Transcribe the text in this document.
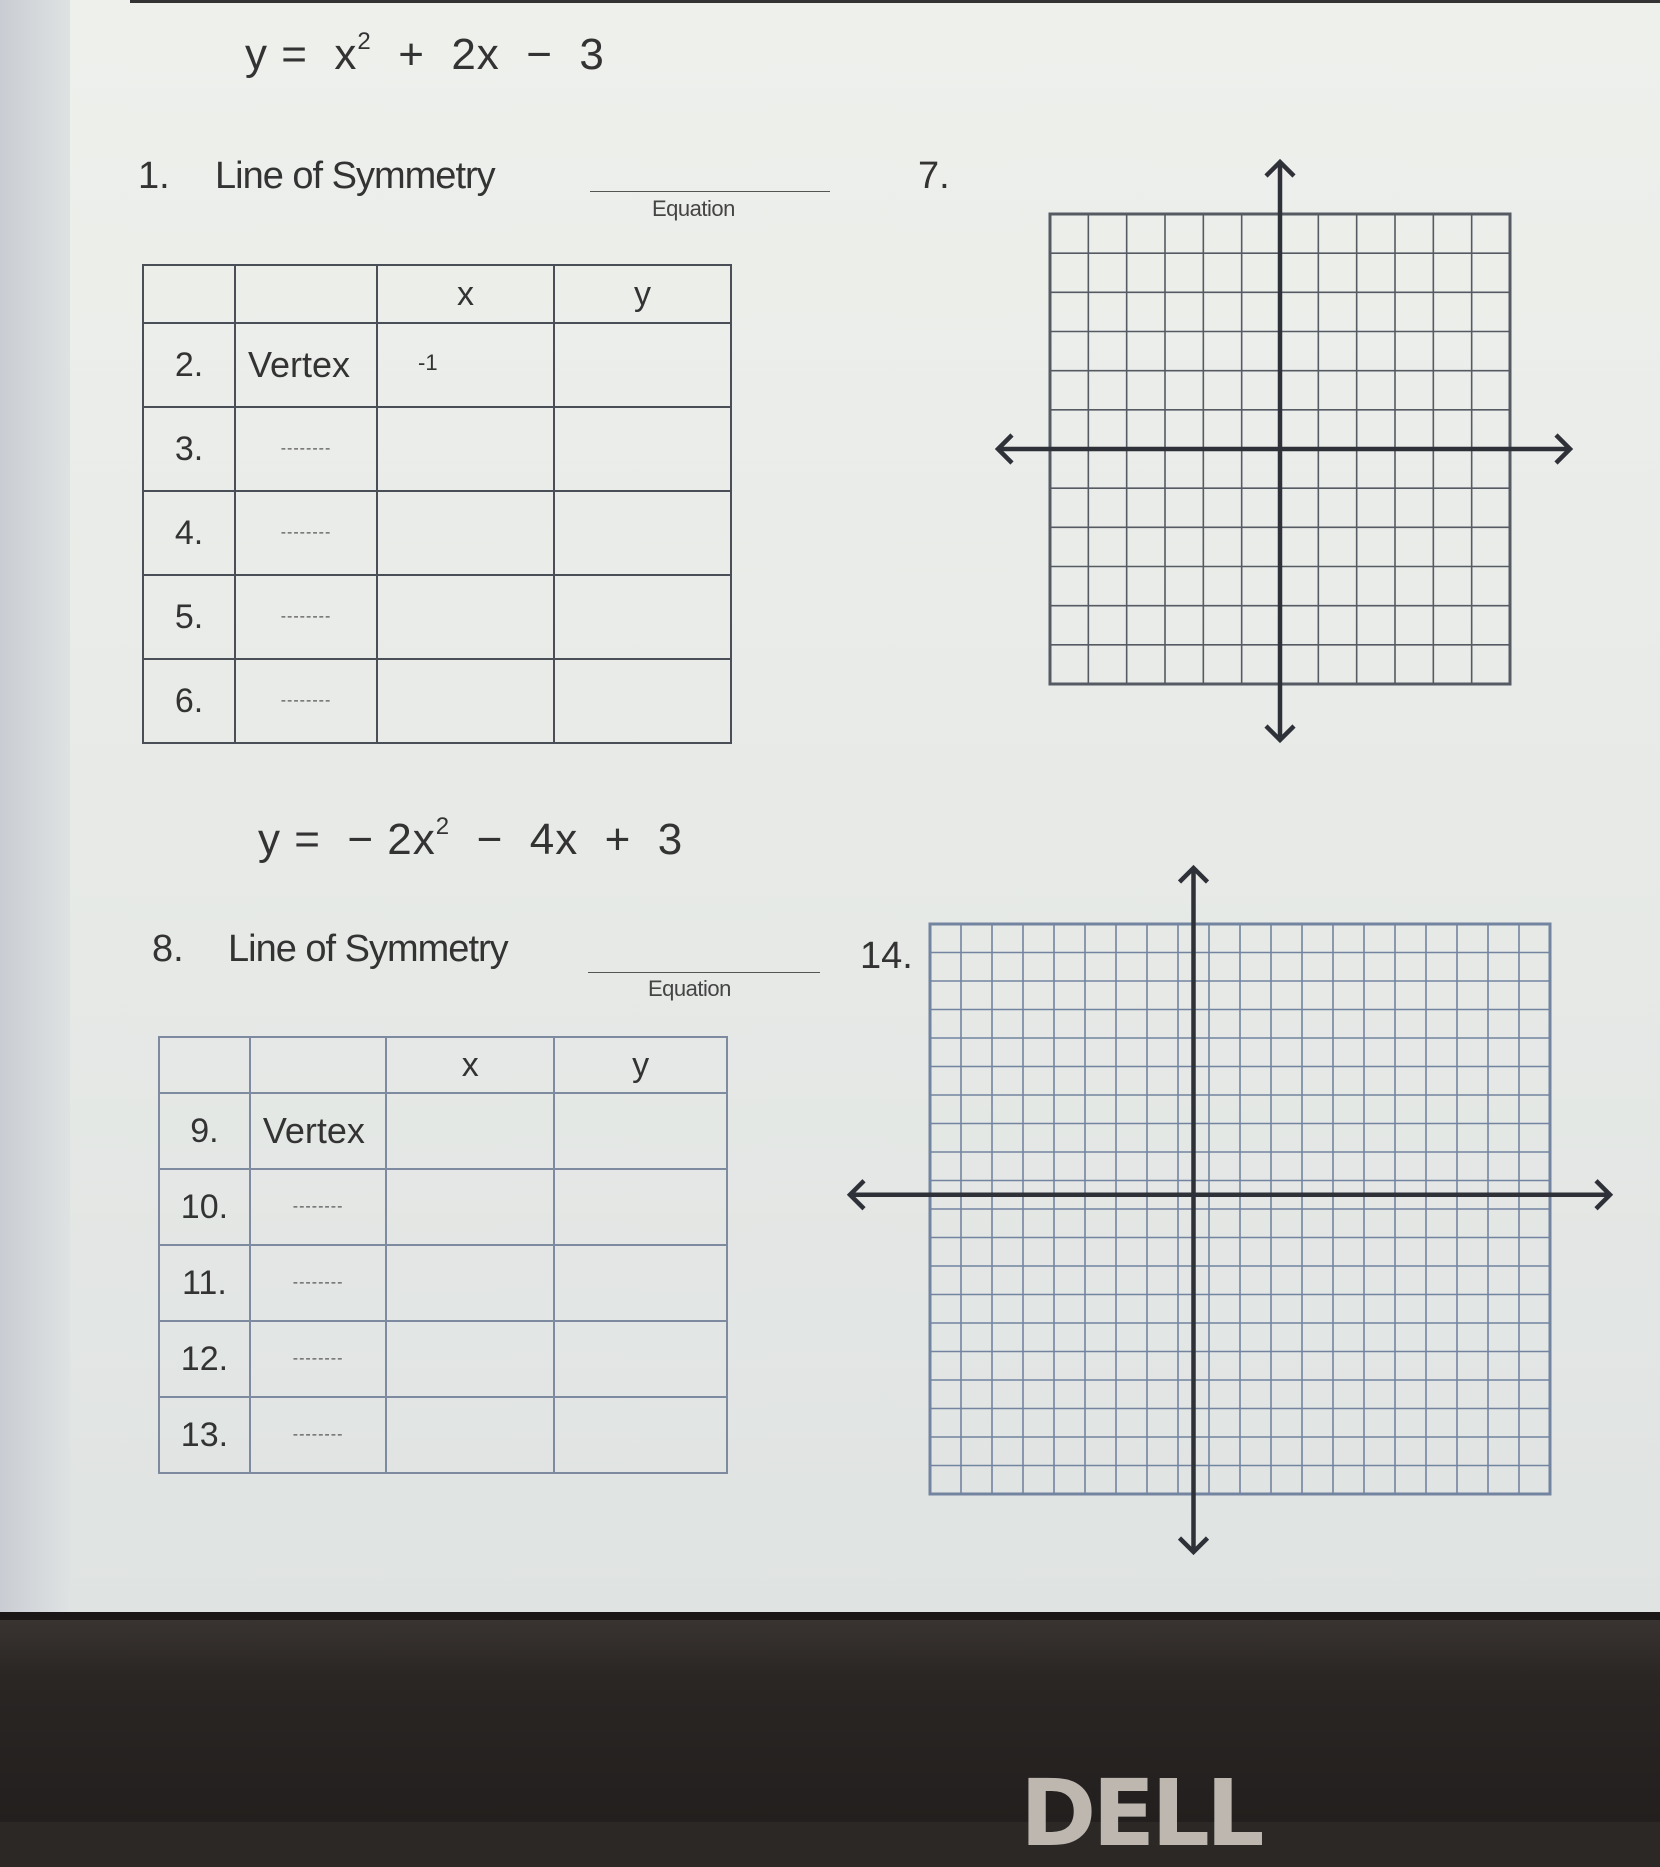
$y = x^2 + 2x - 3$
1. Line of Symmetry
Equation
		x	y
2.	Vertex	-1	
3.	--------		
4.	--------		
5.	--------		
6.	--------		
7.
y = − $2x^2 - 4x + 3$
8. Line of Symmetry
Equation
		x	y
9.	Vertex		
10.	--------		
11.	--------		
12.	--------		
13.	--------		
14.
DELL
